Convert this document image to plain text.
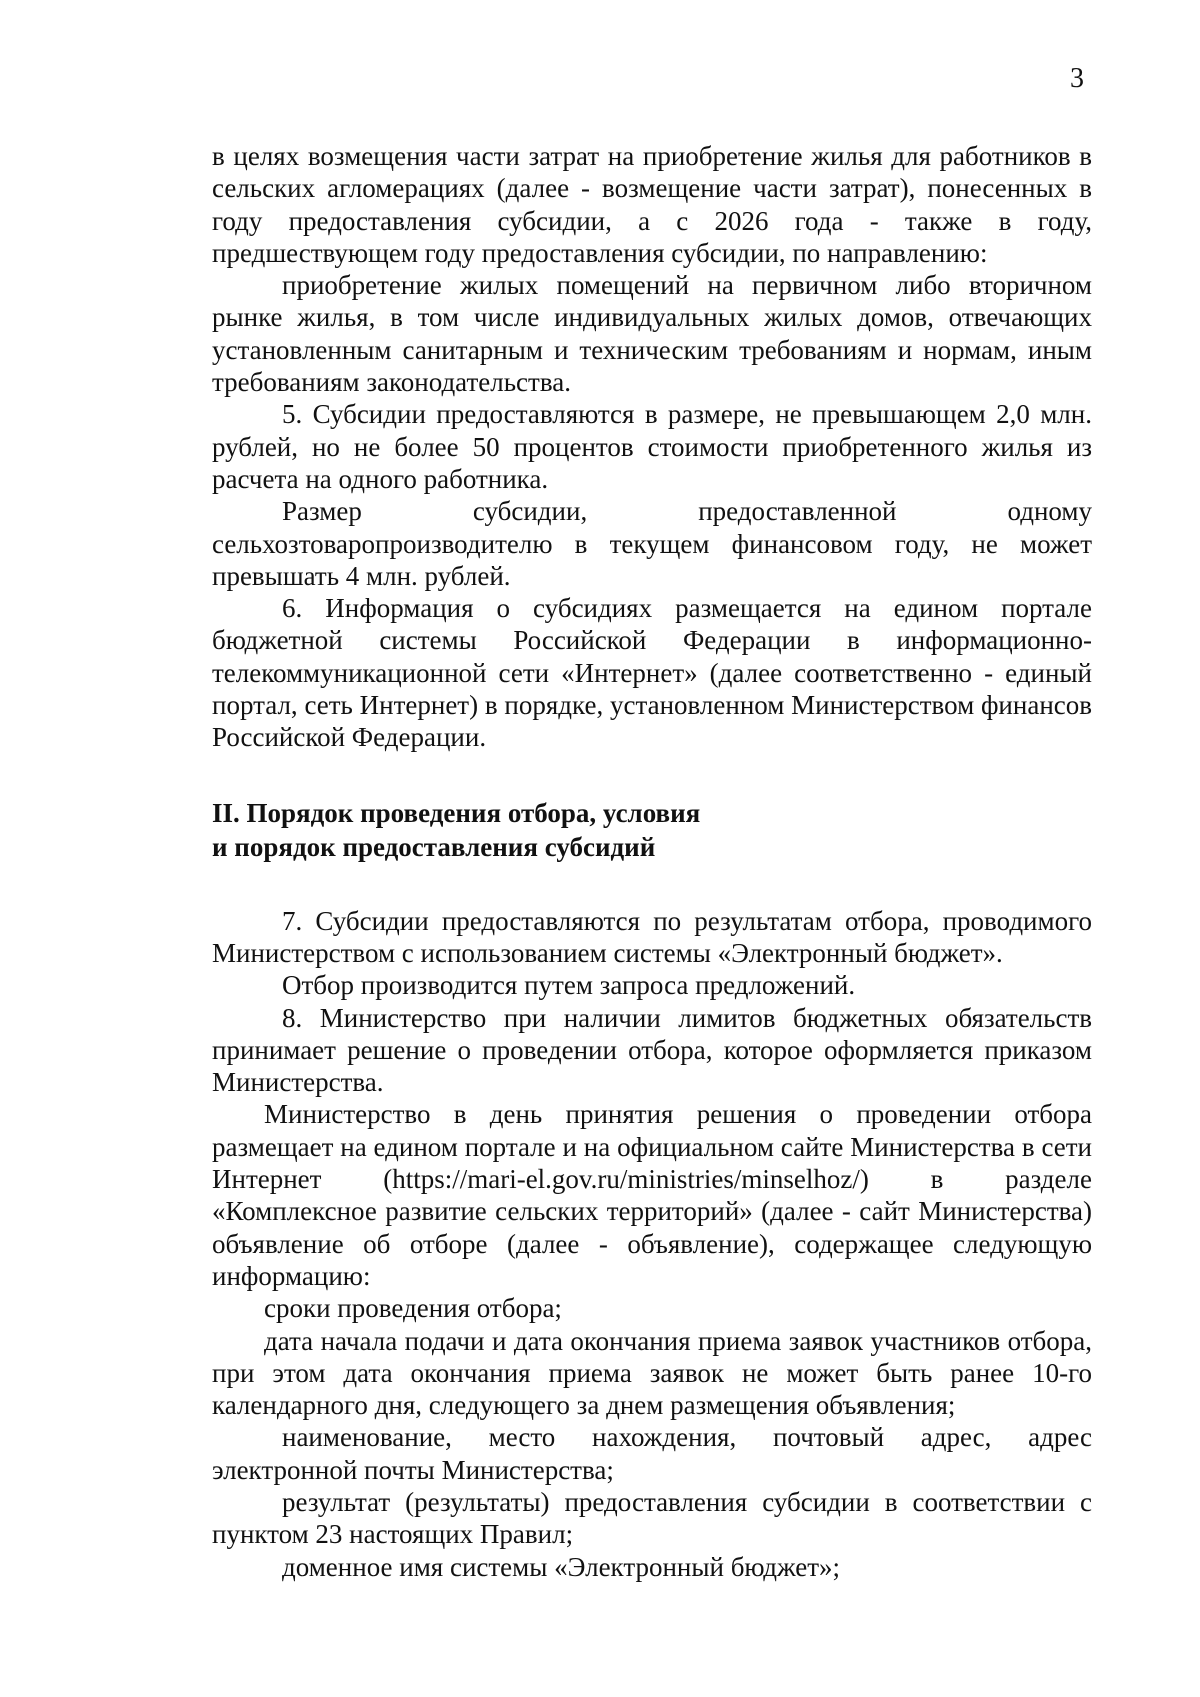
3

в целях возмещения части затрат на приобретение жилья для работников в сельских агломерациях (далее - возмещение части затрат), понесенных в году предоставления субсидии, а с 2026 года - также в году, предшествующем году предоставления субсидии, по направлению:

приобретение жилых помещений на первичном либо вторичном рынке жилья, в том числе индивидуальных жилых домов, отвечающих установленным санитарным и техническим требованиям и нормам, иным требованиям законодательства.

5. Субсидии предоставляются в размере, не превышающем 2,0 млн. рублей, но не более 50 процентов стоимости приобретенного жилья из расчета на одного работника.

Размер субсидии, предоставленной одному

сельхозтоваропроизводителю в текущем финансовом году, не может превышать 4 млн. рублей.

6. Информация о субсидиях размещается на едином портале бюджетной системы Российской Федерации в информационно-телекоммуникационной сети «Интернет» (далее соответственно - единый портал, сеть Интернет) в порядке, установленном Министерством финансов Российской Федерации.

II. Порядок проведения отбора, условия

и порядок предоставления субсидий

7. Субсидии предоставляются по результатам отбора, проводимого Министерством с использованием системы «Электронный бюджет».

Отбор производится путем запроса предложений.

8. Министерство при наличии лимитов бюджетных обязательств принимает решение о проведении отбора, которое оформляется приказом Министерства.

Министерство в день принятия решения о проведении отбора размещает на едином портале и на официальном сайте Министерства в сети Интернет (https://mari-el.gov.ru/ministries/minselhoz/) в разделе «Комплексное развитие сельских территорий» (далее - сайт Министерства) объявление об отборе (далее - объявление), содержащее следующую информацию:

сроки проведения отбора;

дата начала подачи и дата окончания приема заявок участников отбора, при этом дата окончания приема заявок не может быть ранее 10-го календарного дня, следующего за днем размещения объявления;

наименование, место нахождения, почтовый адрес, адрес электронной почты Министерства;

результат (результаты) предоставления субсидии в соответствии с пунктом 23 настоящих Правил;

доменное имя системы «Электронный бюджет»;
